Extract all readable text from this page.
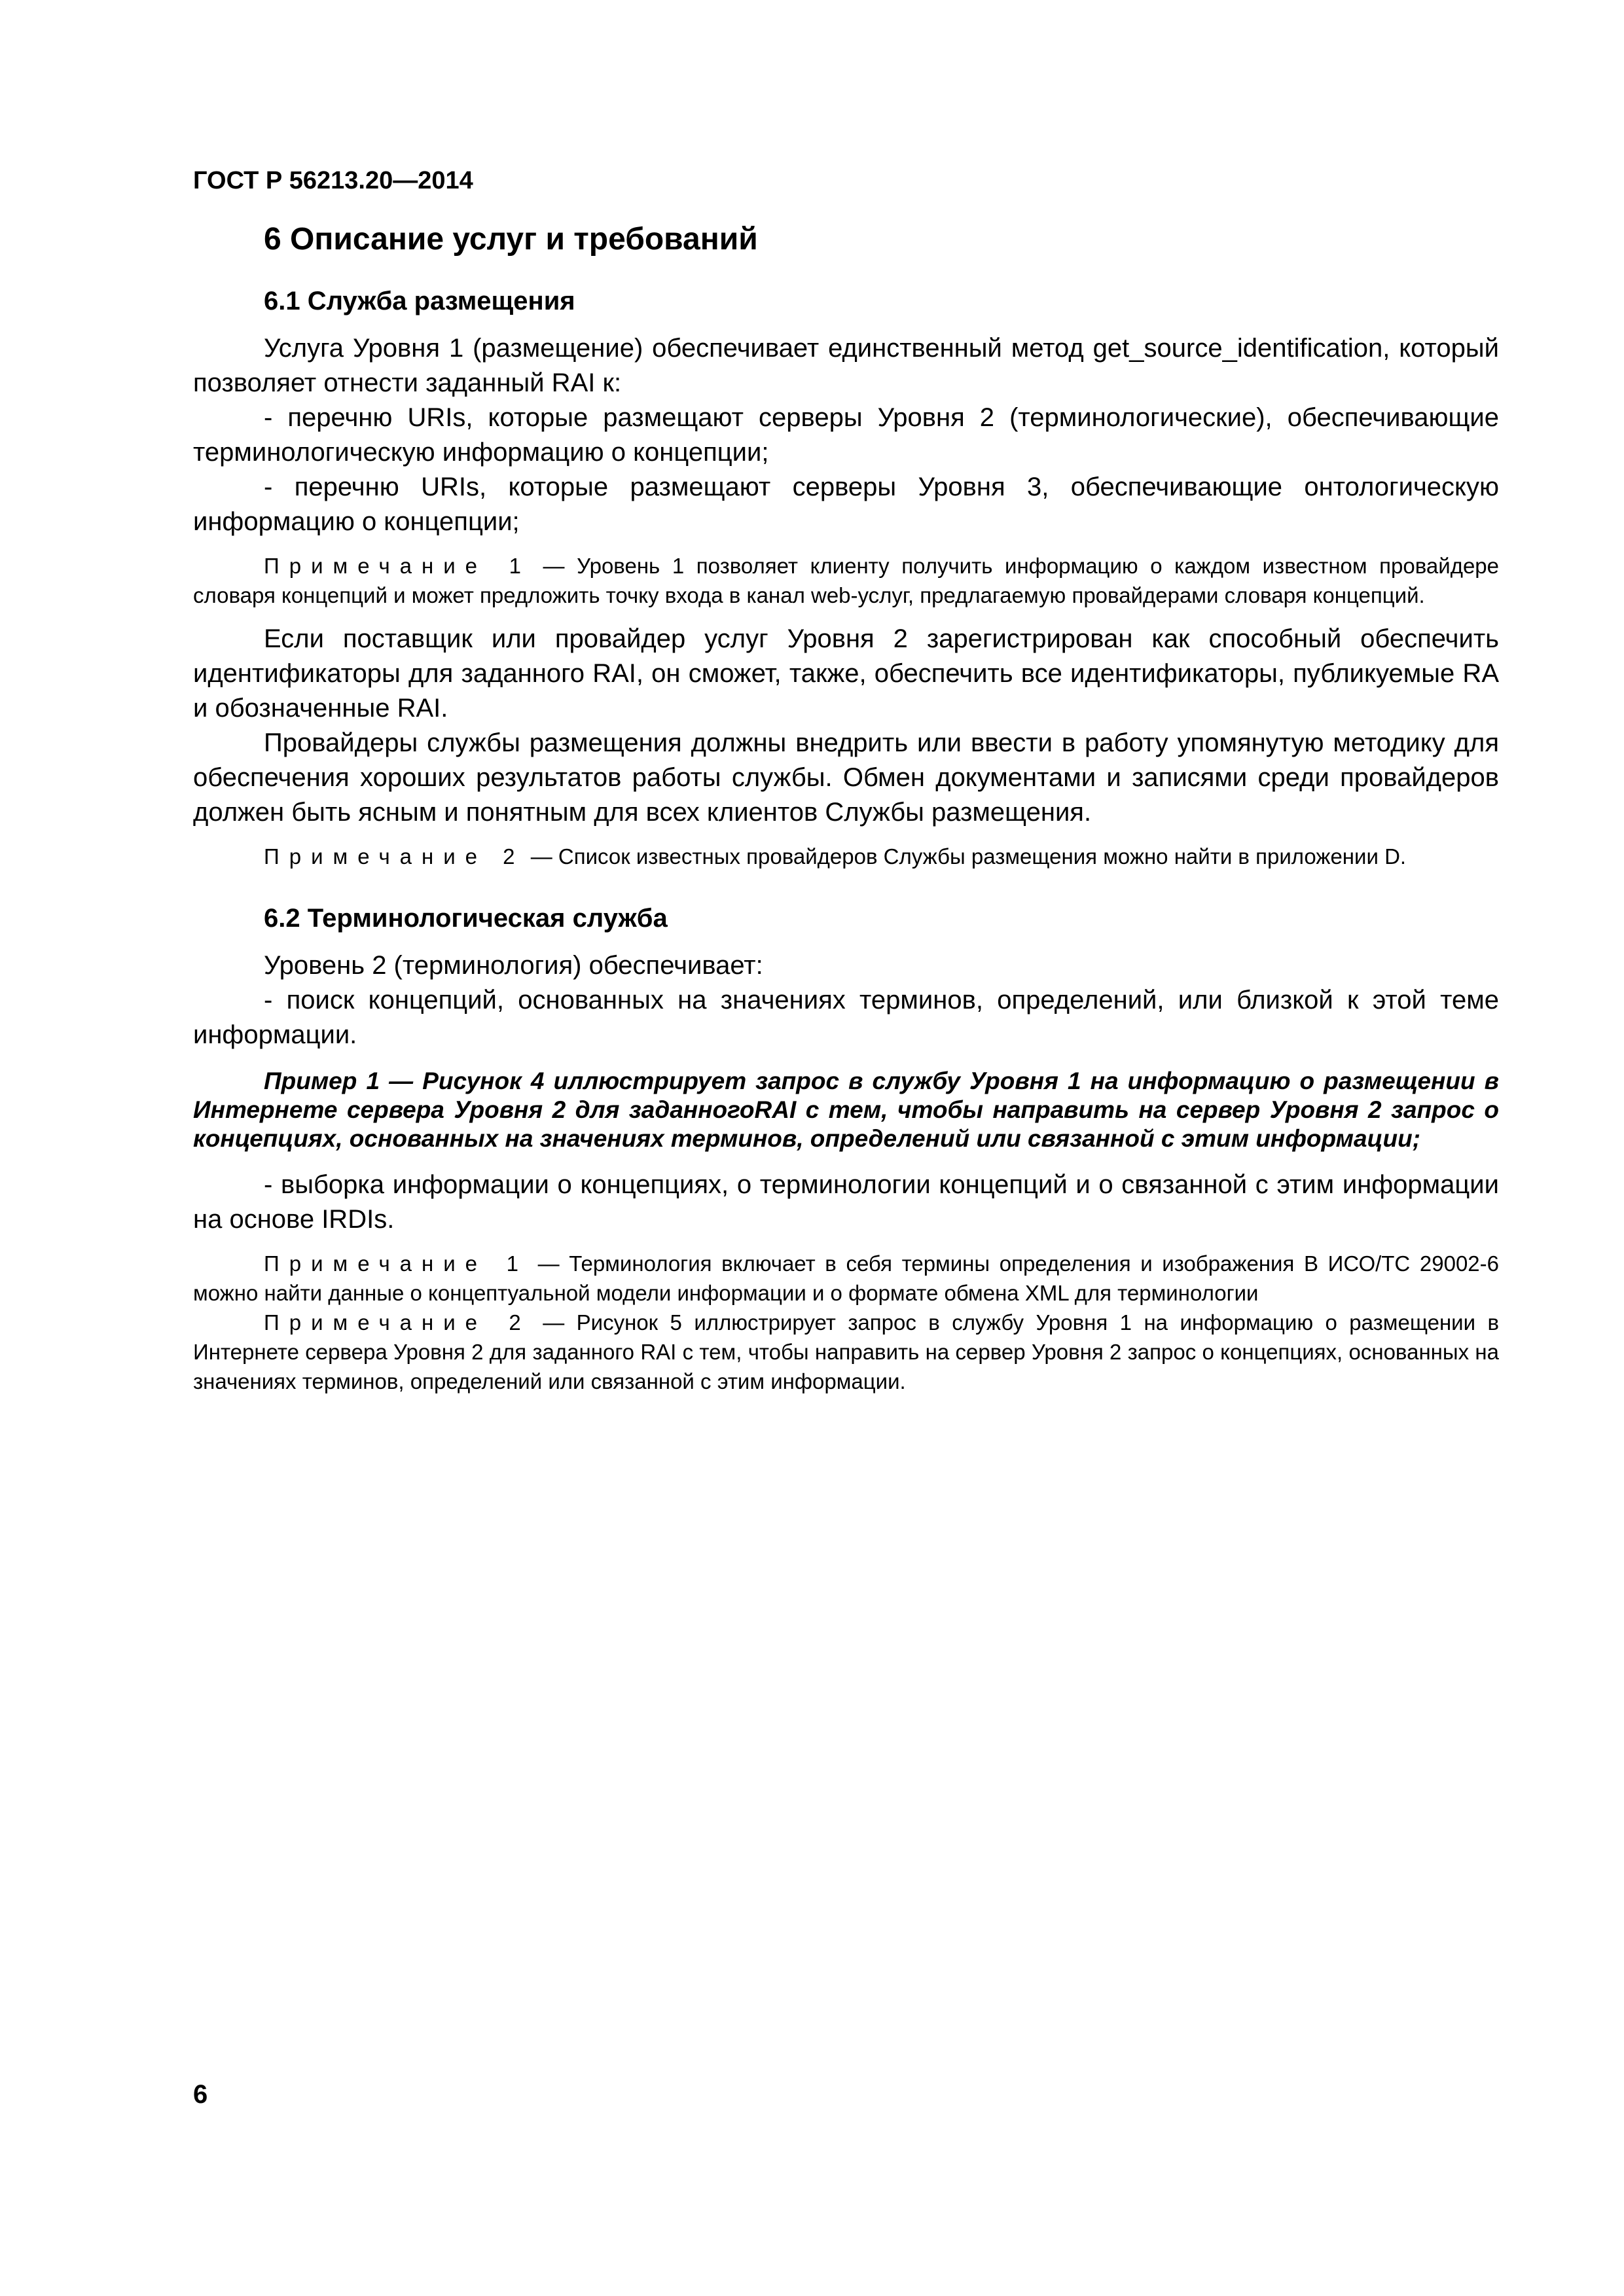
ГОСТ Р 56213.20—2014
6 Описание услуг и требований
6.1 Служба размещения

Услуга Уровня 1 (размещение) обеспечивает единственный метод get_source_identification, который позволяет отнести заданный RAI к:

- перечню URIs, которые размещают серверы Уровня 2 (терминологические), обеспечивающие терминологическую информацию о концепции;

- перечню URIs, которые размещают серверы Уровня 3, обеспечивающие онтологическую информацию о концепции;

Примечание 1 — Уровень 1 позволяет клиенту получить информацию о каждом известном провайдере словаря концепций и может предложить точку входа в канал web-услуг, предлагаемую провайдерами словаря концепций.

Если поставщик или провайдер услуг Уровня 2 зарегистрирован как способный обеспечить идентификаторы для заданного RAI, он сможет, также, обеспечить все идентификаторы, публикуемые RA и обозначенные RAI.

Провайдеры службы размещения должны внедрить или ввести в работу упомянутую методику для обеспечения хороших результатов работы службы. Обмен документами и записями среди провайдеров должен быть ясным и понятным для всех клиентов Службы размещения.

Примечание 2 — Список известных провайдеров Службы размещения можно найти в приложении D.

6.2 Терминологическая служба

Уровень 2 (терминология) обеспечивает:

- поиск концепций, основанных на значениях терминов, определений, или близкой к этой теме информации.

Пример 1 — Рисунок 4 иллюстрирует запрос в службу Уровня 1 на информацию о размещении в Интернете сервера Уровня 2 для заданногоRAI с тем, чтобы направить на сервер Уровня 2 запрос о концепциях, основанных на значениях терминов, определений или связанной с этим информации;

- выборка информации о концепциях, о терминологии концепций и о связанной с этим информации на основе IRDIs.

Примечание 1 — Терминология включает в себя термины определения и изображения В ИСО/ТС 29002-6 можно найти данные о концептуальной модели информации и о формате обмена XML для терминологии

Примечание 2 — Рисунок 5 иллюстрирует запрос в службу Уровня 1 на информацию о размещении в Интернете сервера Уровня 2 для заданного RAI с тем, чтобы направить на сервер Уровня 2 запрос о концепциях, основанных на значениях терминов, определений или связанной с этим информации.

6
